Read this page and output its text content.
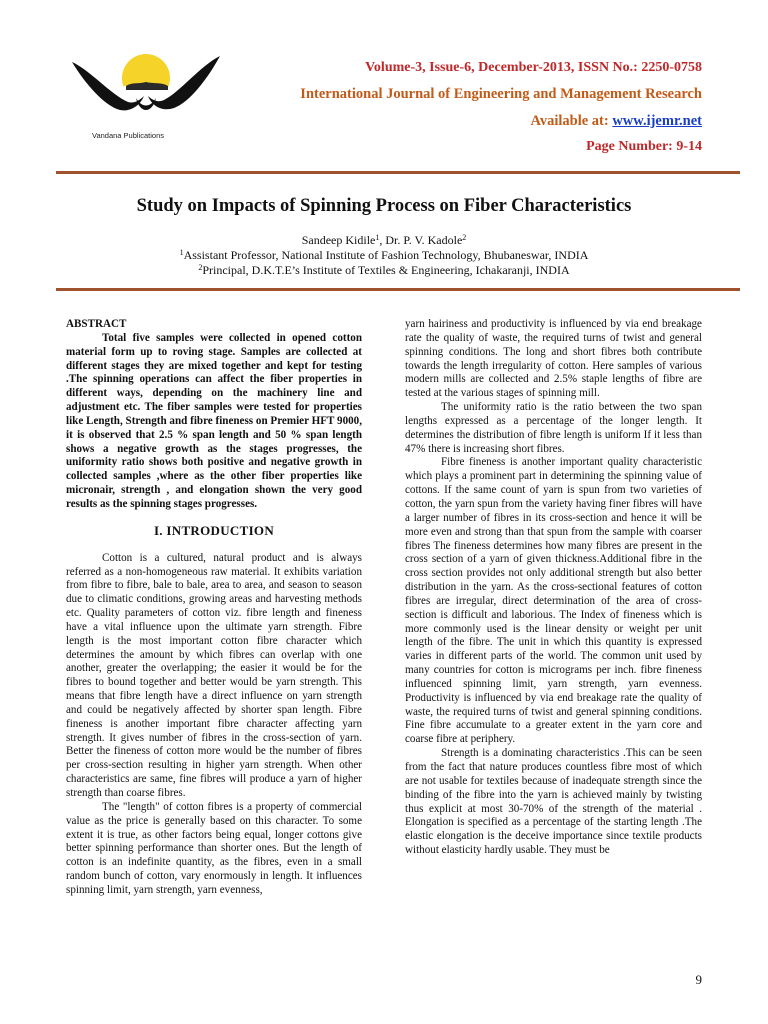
Vandana Publications
Volume-3, Issue-6, December-2013, ISSN No.: 2250-0758
International Journal of Engineering and Management Research
Available at: www.ijemr.net
Page Number: 9-14
Study on Impacts of Spinning Process on Fiber Characteristics
Sandeep Kidile$^1$, Dr. P. V. Kadole$^2$
$^1$Assistant Professor, National Institute of Fashion Technology, Bhubaneswar, INDIA
$^2$Principal, D.K.T.E’s Institute of Textiles & Engineering, Ichakaranji, INDIA
ABSTRACT

Total five samples were collected in opened cotton material form up to roving stage. Samples are collected at different stages they are mixed together and kept for testing .The spinning operations can affect the fiber properties in different ways, depending on the machinery line and adjustment etc. The fiber samples were tested for properties like Length, Strength and fibre fineness on Premier HFT 9000, it is observed that 2.5 % span length and 50 % span length shows a negative growth as the stages progresses, the uniformity ratio shows both positive and negative growth in collected samples ,where as the other fiber properties like micronair, strength , and elongation shown the very good results as the spinning stages progresses.

I. INTRODUCTION

Cotton is a cultured, natural product and is always referred as a non-homogeneous raw material. It exhibits variation from fibre to fibre, bale to bale, area to area, and season to season due to climatic conditions, growing areas and harvesting methods etc. Quality parameters of cotton viz. fibre length and fineness have a vital influence upon the ultimate yarn strength. Fibre length is the most important cotton fibre character which determines the amount by which fibres can overlap with one another, greater the overlapping; the easier it would be for the fibres to bound together and better would be yarn strength. This means that fibre length have a direct influence on yarn strength and could be negatively affected by shorter span length. Fibre fineness is another important fibre character affecting yarn strength. It gives number of fibres in the cross-section of yarn. Better the fineness of cotton more would be the number of fibres per cross-section resulting in higher yarn strength. When other characteristics are same, fine fibres will produce a yarn of higher strength than coarse fibres.

The "length" of cotton fibres is a property of commercial value as the price is generally based on this character. To some extent it is true, as other factors being equal, longer cottons give better spinning performance than shorter ones. But the length of cotton is an indefinite quantity, as the fibres, even in a small random bunch of cotton, vary enormously in length. It influences spinning limit, yarn strength, yarn evenness,

yarn hairiness and productivity is influenced by via end breakage rate the quality of waste, the required turns of twist and general spinning conditions. The long and short fibres both contribute towards the length irregularity of cotton. Here samples of various modern mills are collected and 2.5% staple lengths of fibre are tested at the various stages of spinning mill.

The uniformity ratio is the ratio between the two span lengths expressed as a percentage of the longer length. It determines the distribution of fibre length is uniform If it less than 47% there is increasing short fibres.

Fibre fineness is another important quality characteristic which plays a prominent part in determining the spinning value of cottons. If the same count of yarn is spun from two varieties of cotton, the yarn spun from the variety having finer fibres will have a larger number of fibres in its cross-section and hence it will be more even and strong than that spun from the sample with coarser fibres The fineness determines how many fibres are present in the cross section of a yarn of given thickness.Additional fibre in the cross section provides not only additional strength but also better distribution in the yarn. As the cross-sectional features of cotton fibres are irregular, direct determination of the area of cross-section is difficult and laborious. The Index of fineness which is more commonly used is the linear density or weight per unit length of the fibre. The unit in which this quantity is expressed varies in different parts of the world. The common unit used by many countries for cotton is micrograms per inch. fibre fineness influenced spinning limit, yarn strength, yarn evenness. Productivity is influenced by via end breakage rate the quality of waste, the required turns of twist and general spinning conditions. Fine fibre accumulate to a greater extent in the yarn core and coarse fibre at periphery.

Strength is a dominating characteristics .This can be seen from the fact that nature produces countless fibre most of which are not usable for textiles because of inadequate strength since the binding of the fibre into the yarn is achieved mainly by twisting thus explicit at most 30-70% of the strength of the material . Elongation is specified as a percentage of the starting length .The elastic elongation is the deceive importance since textile products without elasticity hardly usable. They must be

9
